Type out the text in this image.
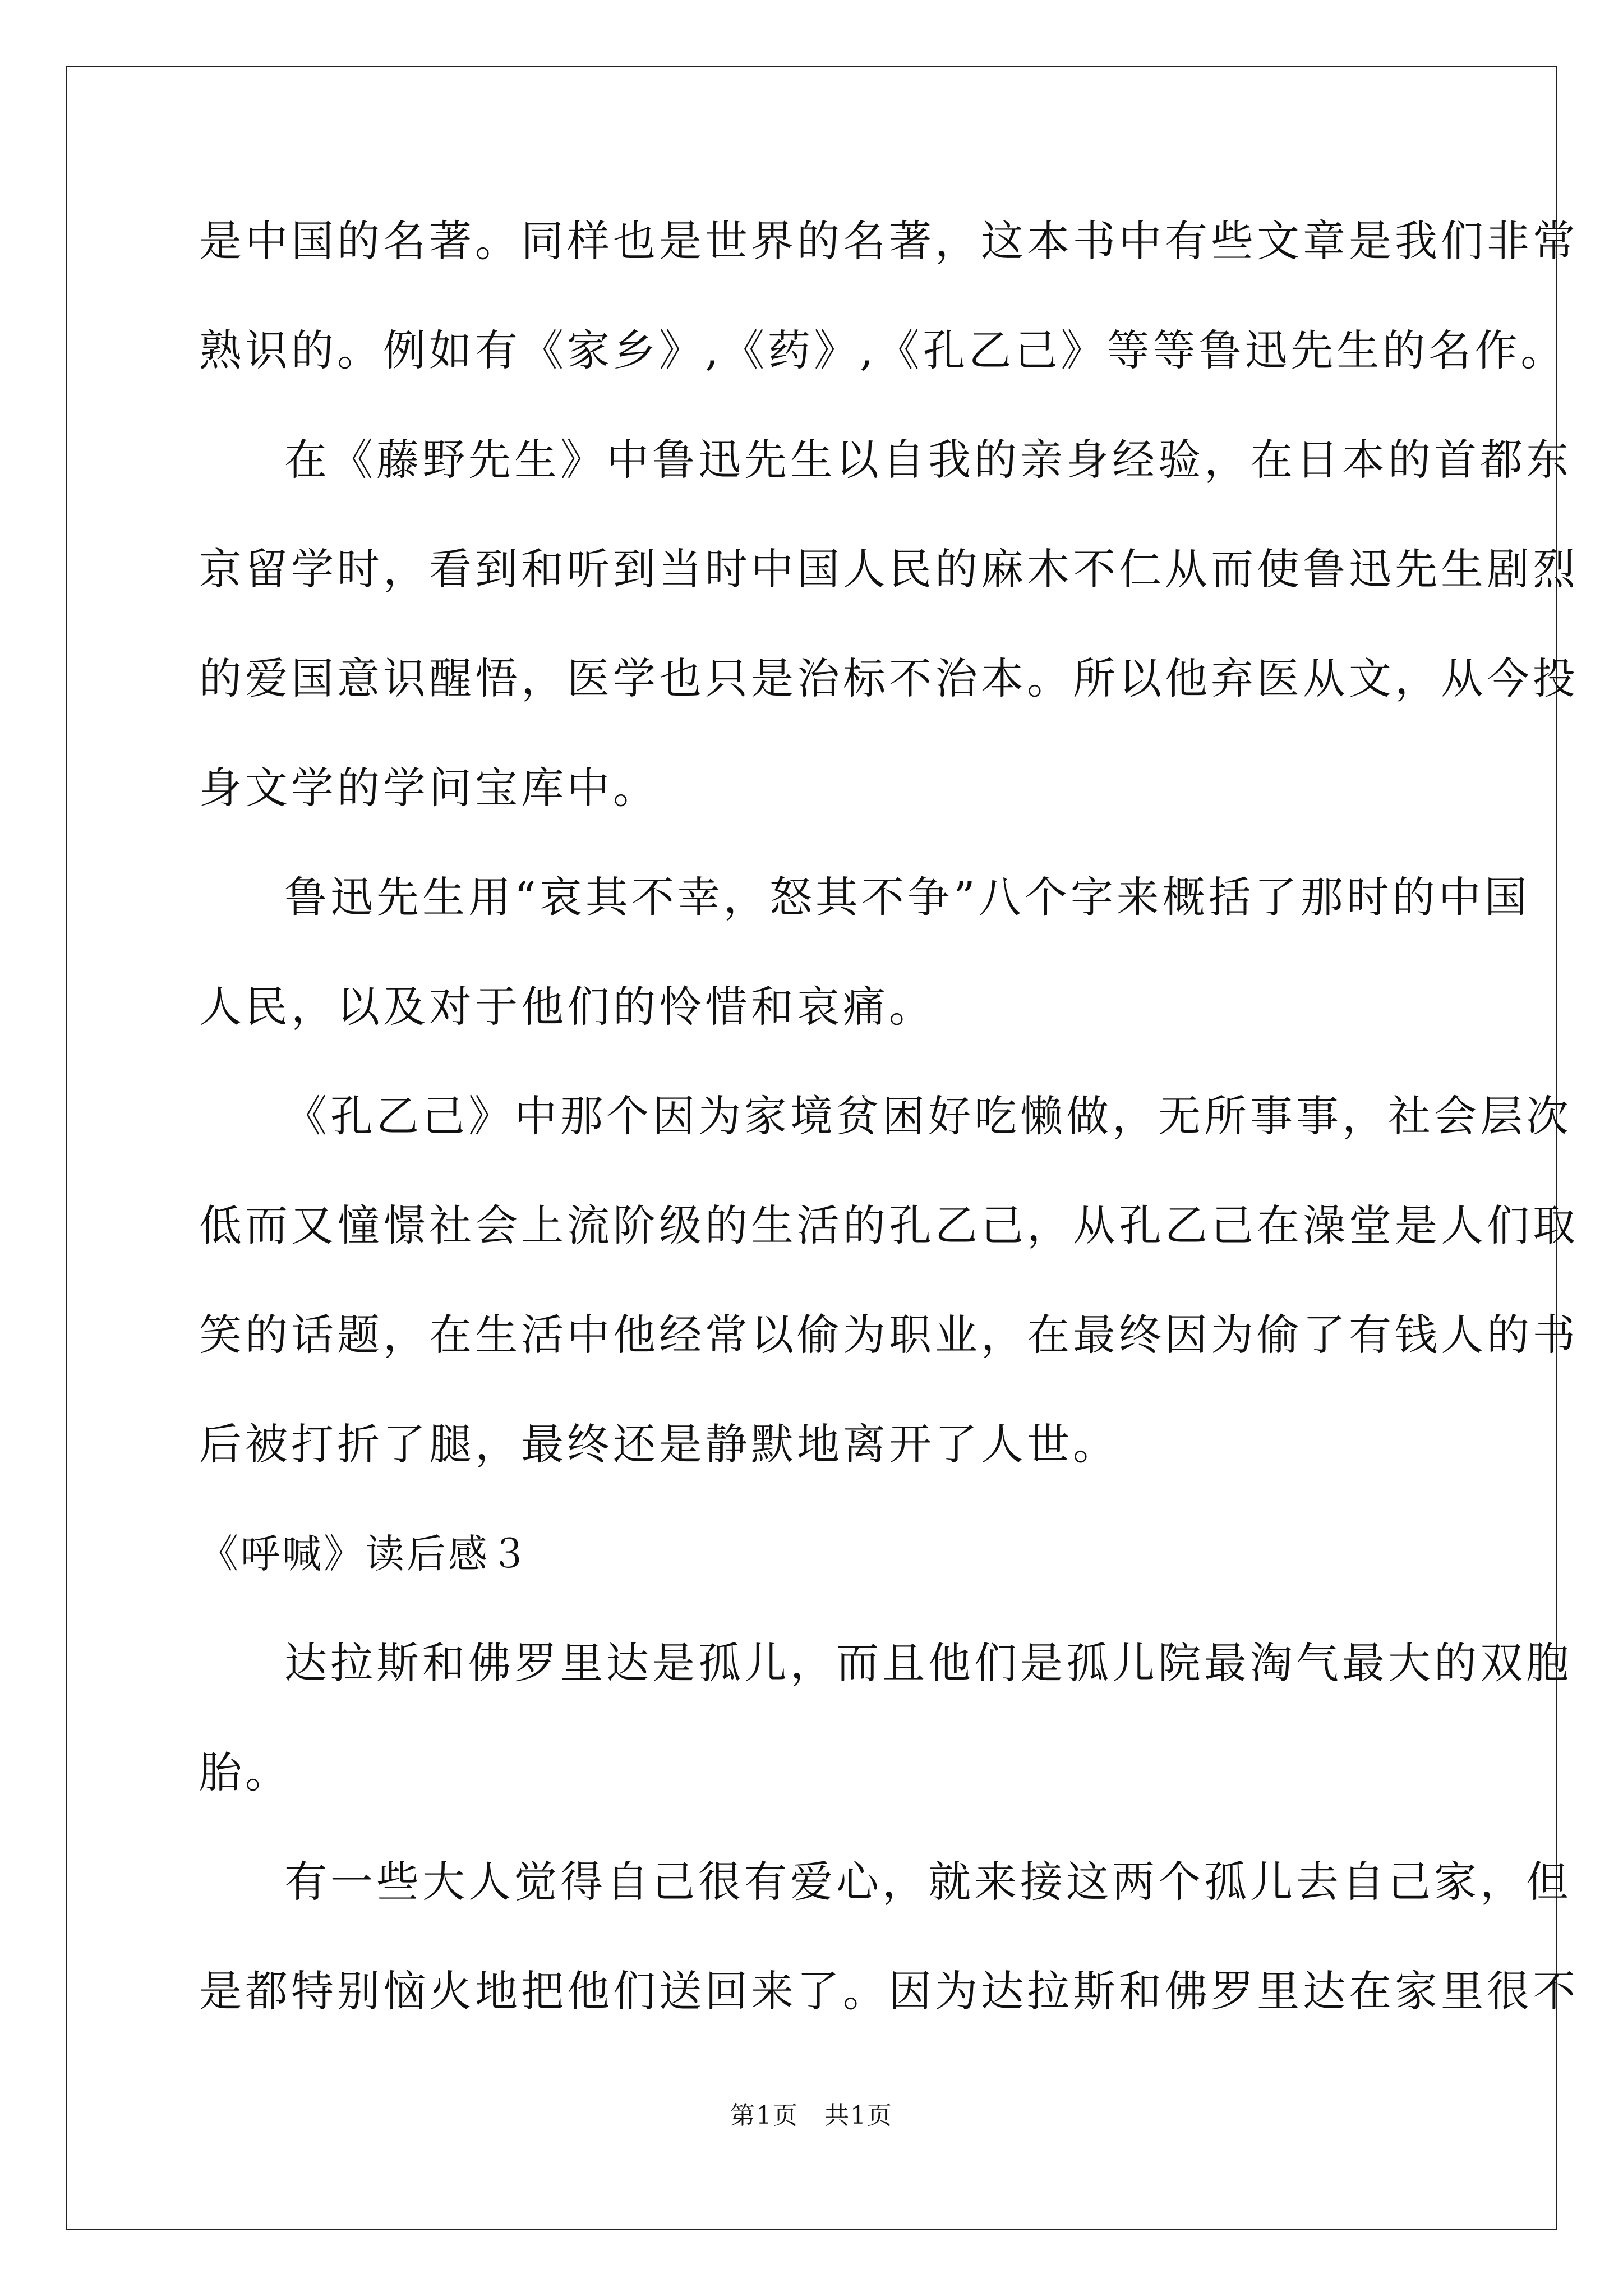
是中国的名著。同样也是世界的名著，这本书中有些文章是我们非常

熟识的。例如有《家乡》,《药》,《孔乙己》等等鲁迅先生的名作。

在《藤野先生》中鲁迅先生以自我的亲身经验，在日本的首都东

京留学时，看到和听到当时中国人民的麻木不仁从而使鲁迅先生剧烈

的爱国意识醒悟，医学也只是治标不治本。所以他弃医从文，从今投

身文学的学问宝库中。

鲁迅先生用“哀其不幸，怒其不争”八个字来概括了那时的中国

人民，以及对于他们的怜惜和哀痛。

《孔乙己》中那个因为家境贫困好吃懒做，无所事事，社会层次

低而又憧憬社会上流阶级的生活的孔乙己，从孔乙己在澡堂是人们取

笑的话题，在生活中他经常以偷为职业，在最终因为偷了有钱人的书

后被打折了腿，最终还是静默地离开了人世。

《呼喊》读后感３

达拉斯和佛罗里达是孤儿，而且他们是孤儿院最淘气最大的双胞

胎。

有一些大人觉得自己很有爱心，就来接这两个孤儿去自己家，但

是都特别恼火地把他们送回来了。因为达拉斯和佛罗里达在家里很不

第1页　共1页
